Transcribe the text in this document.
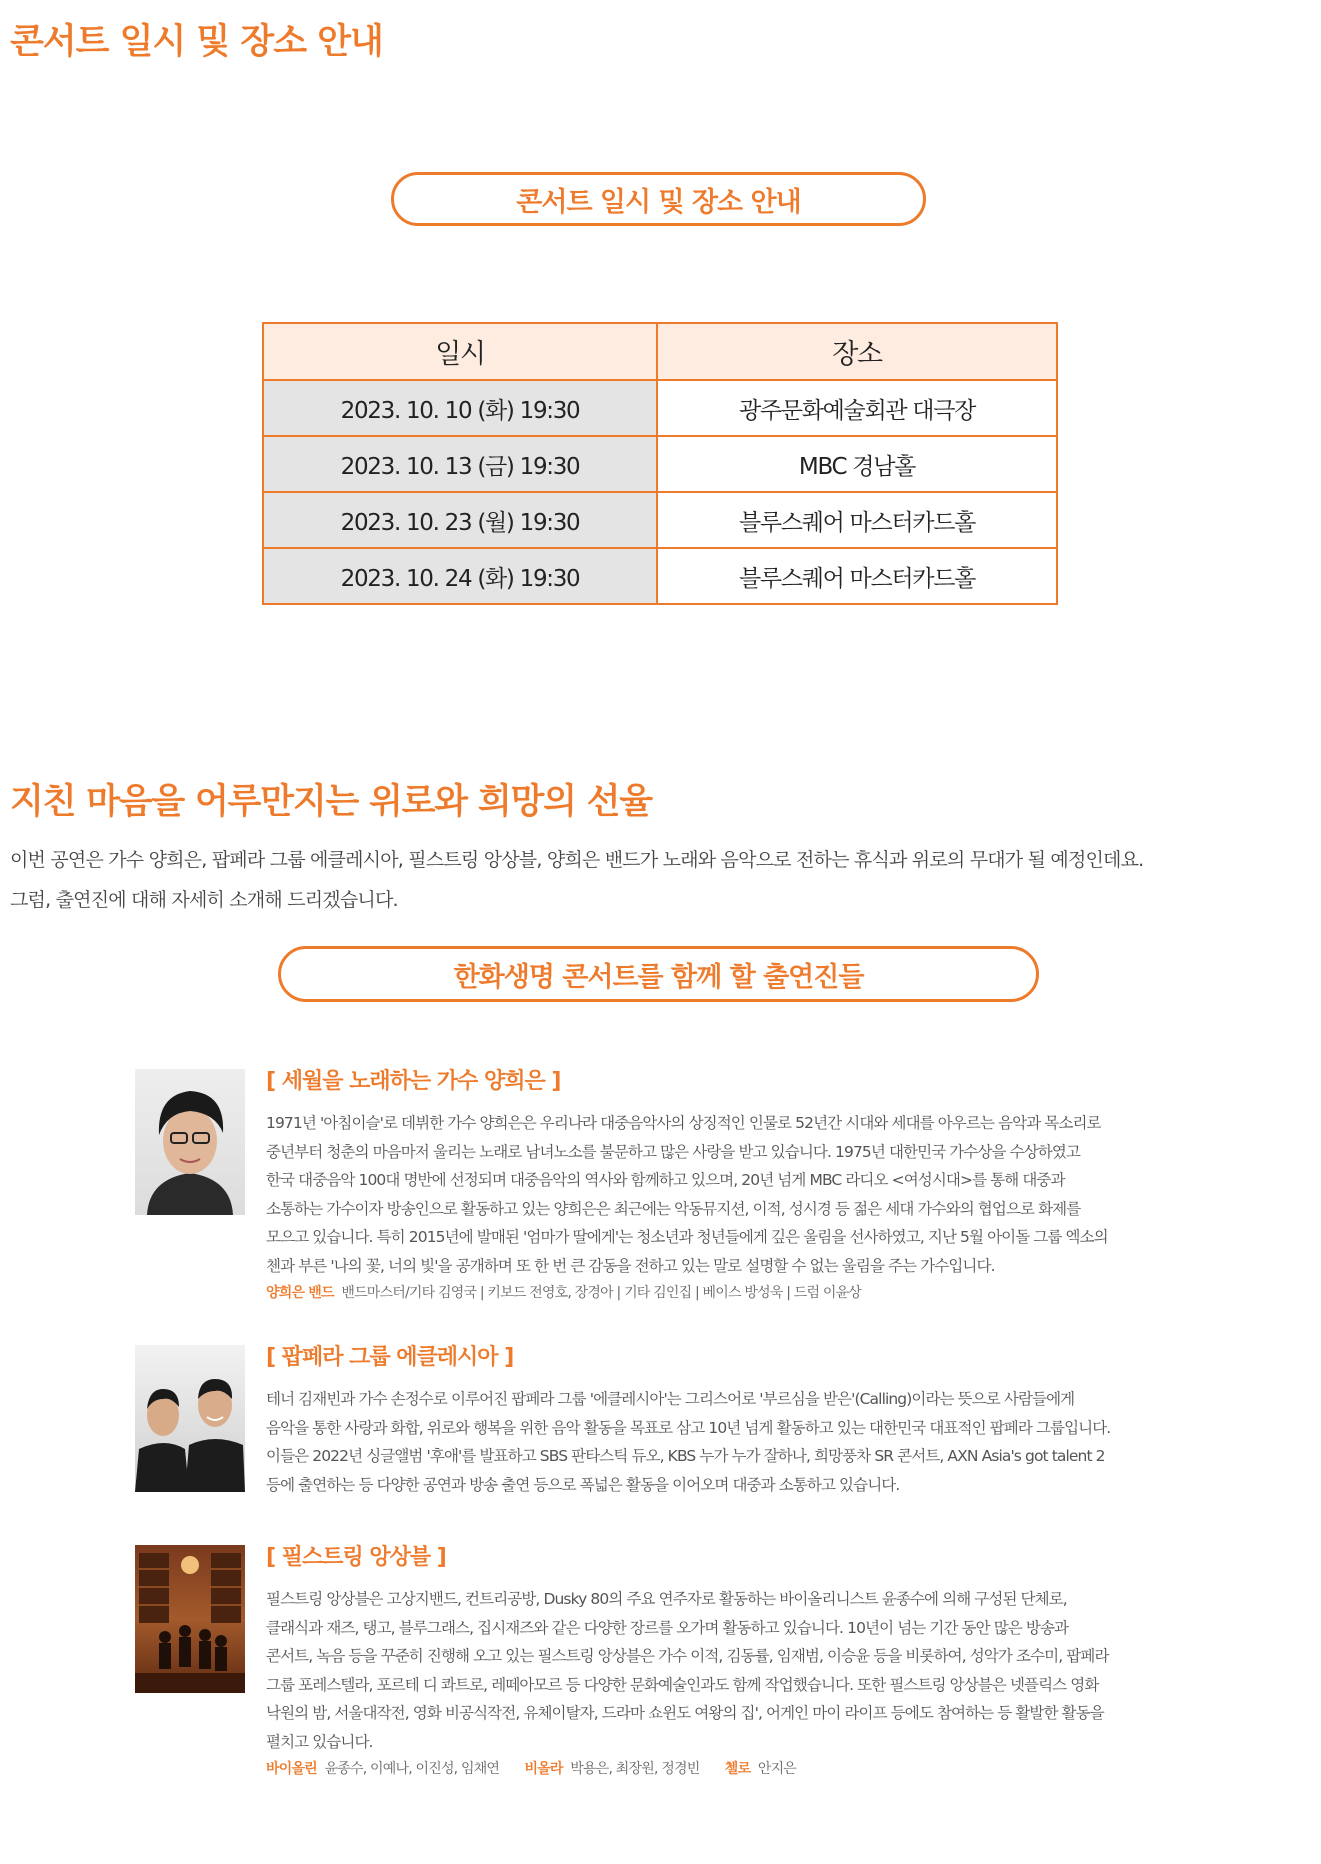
콘서트 일시 및 장소 안내
콘서트 일시 및 장소 안내
일시	장소
2023. 10. 10 (화) 19:30	광주문화예술회관 대극장
2023. 10. 13 (금) 19:30	MBC 경남홀
2023. 10. 23 (월) 19:30	블루스퀘어 마스터카드홀
2023. 10. 24 (화) 19:30	블루스퀘어 마스터카드홀
지친 마음을 어루만지는 위로와 희망의 선율

이번 공연은 가수 양희은, 팝페라 그룹 에클레시아, 필스트링 앙상블, 양희은 밴드가 노래와 음악으로 전하는 휴식과 위로의 무대가 될 예정인데요.

그럼, 출연진에 대해 자세히 소개해 드리겠습니다.

한화생명 콘서트를 함께 할 출연진들

[ 세월을 노래하는 가수 양희은 ]

1971년 '아침이슬'로 데뷔한 가수 양희은은 우리나라 대중음악사의 상징적인 인물로 52년간 시대와 세대를 아우르는 음악과 목소리로

중년부터 청춘의 마음마저 울리는 노래로 남녀노소를 불문하고 많은 사랑을 받고 있습니다. 1975년 대한민국 가수상을 수상하였고

한국 대중음악 100대 명반에 선정되며 대중음악의 역사와 함께하고 있으며, 20년 넘게 MBC 라디오 <여성시대>를 통해 대중과

소통하는 가수이자 방송인으로 활동하고 있는 양희은은 최근에는 악동뮤지션, 이적, 성시경 등 젊은 세대 가수와의 협업으로 화제를

모으고 있습니다. 특히 2015년에 발매된 '엄마가 딸에게'는 청소년과 청년들에게 깊은 울림을 선사하였고, 지난 5월 아이돌 그룹 엑소의

첸과 부른 '나의 꽃, 너의 빛'을 공개하며 또 한 번 큰 감동을 전하고 있는 말로 설명할 수 없는 울림을 주는 가수입니다.

양희은 밴드 밴드마스터/기타 김영국 | 키보드 전영호, 장경아 | 기타 김인집 | 베이스 방성욱 | 드럼 이윤상

[ 팝페라 그룹 에클레시아 ]

테너 김재빈과 가수 손정수로 이루어진 팝페라 그룹 '에클레시아'는 그리스어로 '부르심을 받은'(Calling)이라는 뜻으로 사람들에게

음악을 통한 사랑과 화합, 위로와 행복을 위한 음악 활동을 목표로 삼고 10년 넘게 활동하고 있는 대한민국 대표적인 팝페라 그룹입니다.

이들은 2022년 싱글앨범 '후애'를 발표하고 SBS 판타스틱 듀오, KBS 누가 누가 잘하나, 희망풍차 SR 콘서트, AXN Asia's got talent 2

등에 출연하는 등 다양한 공연과 방송 출연 등으로 폭넓은 활동을 이어오며 대중과 소통하고 있습니다.

[ 필스트링 앙상블 ]

필스트링 앙상블은 고상지밴드, 컨트리공방, Dusky 80의 주요 연주자로 활동하는 바이올리니스트 윤종수에 의해 구성된 단체로,

클래식과 재즈, 탱고, 블루그래스, 집시재즈와 같은 다양한 장르를 오가며 활동하고 있습니다. 10년이 넘는 기간 동안 많은 방송과

콘서트, 녹음 등을 꾸준히 진행해 오고 있는 필스트링 앙상블은 가수 이적, 김동률, 임재범, 이승윤 등을 비롯하여, 성악가 조수미, 팝페라

그룹 포레스텔라, 포르테 디 콰트로, 레떼아모르 등 다양한 문화예술인과도 함께 작업했습니다. 또한 필스트링 앙상블은 넷플릭스 영화

낙원의 밤, 서울대작전, 영화 비공식작전, 유체이탈자, 드라마 쇼윈도 여왕의 집', 어게인 마이 라이프 등에도 참여하는 등 활발한 활동을

펼치고 있습니다.

바이올린 윤종수, 이예나, 이진성, 임채연 비올라 박용은, 최장원, 정경빈 첼로 안지은
